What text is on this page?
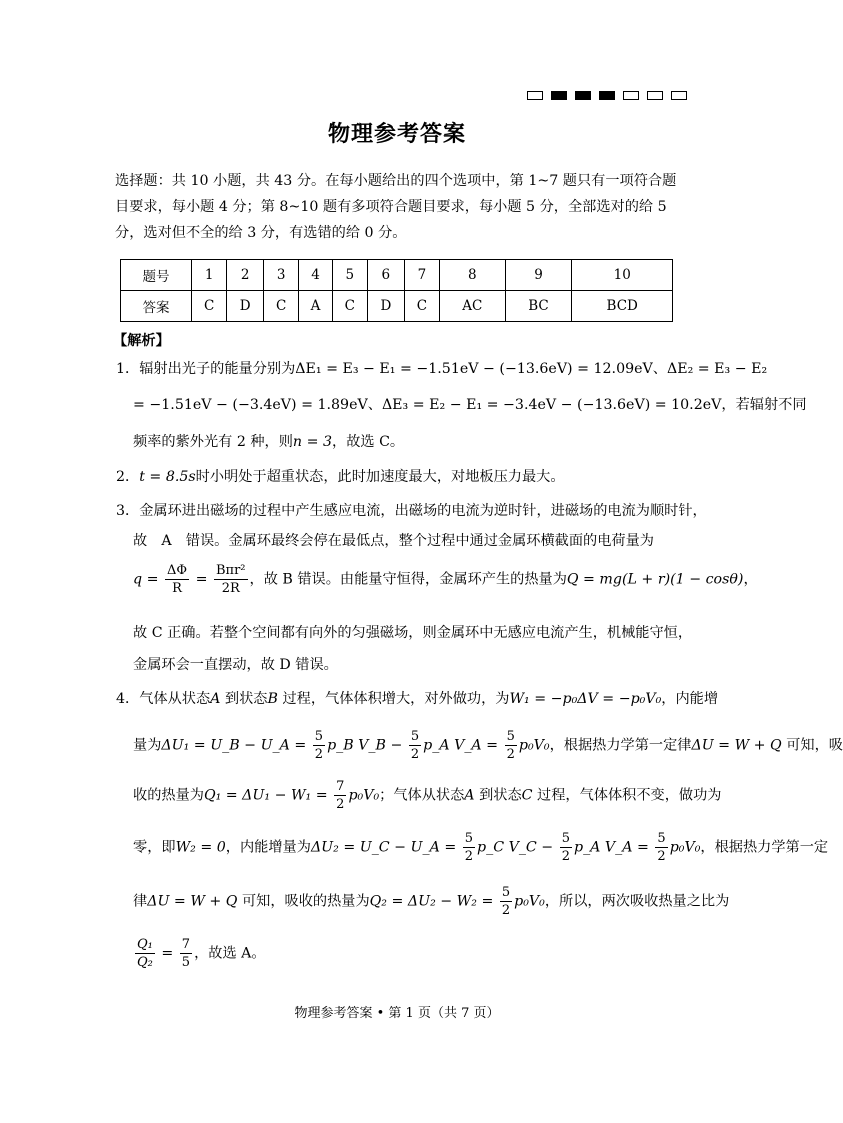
物理参考答案
选择题：共 10 小题，共 43 分。在每小题给出的四个选项中，第 1~7 题只有一项符合题目要求，每小题 4 分；第 8~10 题有多项符合题目要求，每小题 5 分，全部选对的给 5 分，选对但不全的给 3 分，有选错的给 0 分。
题号	1	2	3	4	5	6	7	8	9	10
答案	C	D	C	A	C	D	C	AC	BC	BCD
【解析】
1．辐射出光子的能量分别为ΔE₁ = E₃ − E₁ = −1.51eV − (−13.6eV) = 12.09eV、ΔE₂ = E₃ − E₂
= −1.51eV − (−3.4eV) = 1.89eV、ΔE₃ = E₂ − E₁ = −3.4eV − (−13.6eV) = 10.2eV，若辐射不同
频率的紫外光有 2 种，则n = 3，故选 C。
2．t = 8.5s时小明处于超重状态，此时加速度最大，对地板压力最大。
3．金属环进出磁场的过程中产生感应电流，出磁场的电流为逆时针，进磁场的电流为顺时针，
故　A　错误。金属环最终会停在最低点，整个过程中通过金属环横截面的电荷量为
$q = \frac{\Delta\Phi}{R} = \frac{\text{Bπr²}}{2R}$ ，故 B 错误。由能量守恒得，金属环产生的热量为Q = mg(L + r)(1 − cosθ)，
故 C 正确。若整个空间都有向外的匀强磁场，则金属环中无感应电流产生，机械能守恒，
金属环会一直摆动，故 D 错误。
4．气体从状态A 到状态B 过程，气体体积增大，对外做功，为W₁ = −p₀ΔV = −p₀V₀，内能增
量为ΔU₁ = U_B − U_A = $\frac{5}{2}$ p_B V_B − $\frac{5}{2}$ p_A V_A = $\frac{5}{2} p_0V_0$，根据热力学第一定律ΔU = W + Q 可知，吸
收的热量为$Q_1 = \Delta U_1 - W_1 = \frac{7}{2} p_0V_0$；气体从状态A 到状态C 过程，气体体积不变，做功为
零，即W₂ = 0，内能增量为ΔU₂ = U_C − U_A = $\frac{5}{2}$ p_C V_C − $\frac{5}{2}$ p_A V_A = $\frac{5}{2} p_0V_0$，根据热力学第一定
律ΔU = W + Q 可知，吸收的热量为$Q_2 = \Delta U_2 - W_2 = \frac{5}{2} p_0V_0$，所以，两次吸收热量之比为
$\frac{\text{Q₁}}{\text{Q₂}} = \frac{7}{5}$ ，故选 A。
物理参考答案 • 第 1 页（共 7 页）
